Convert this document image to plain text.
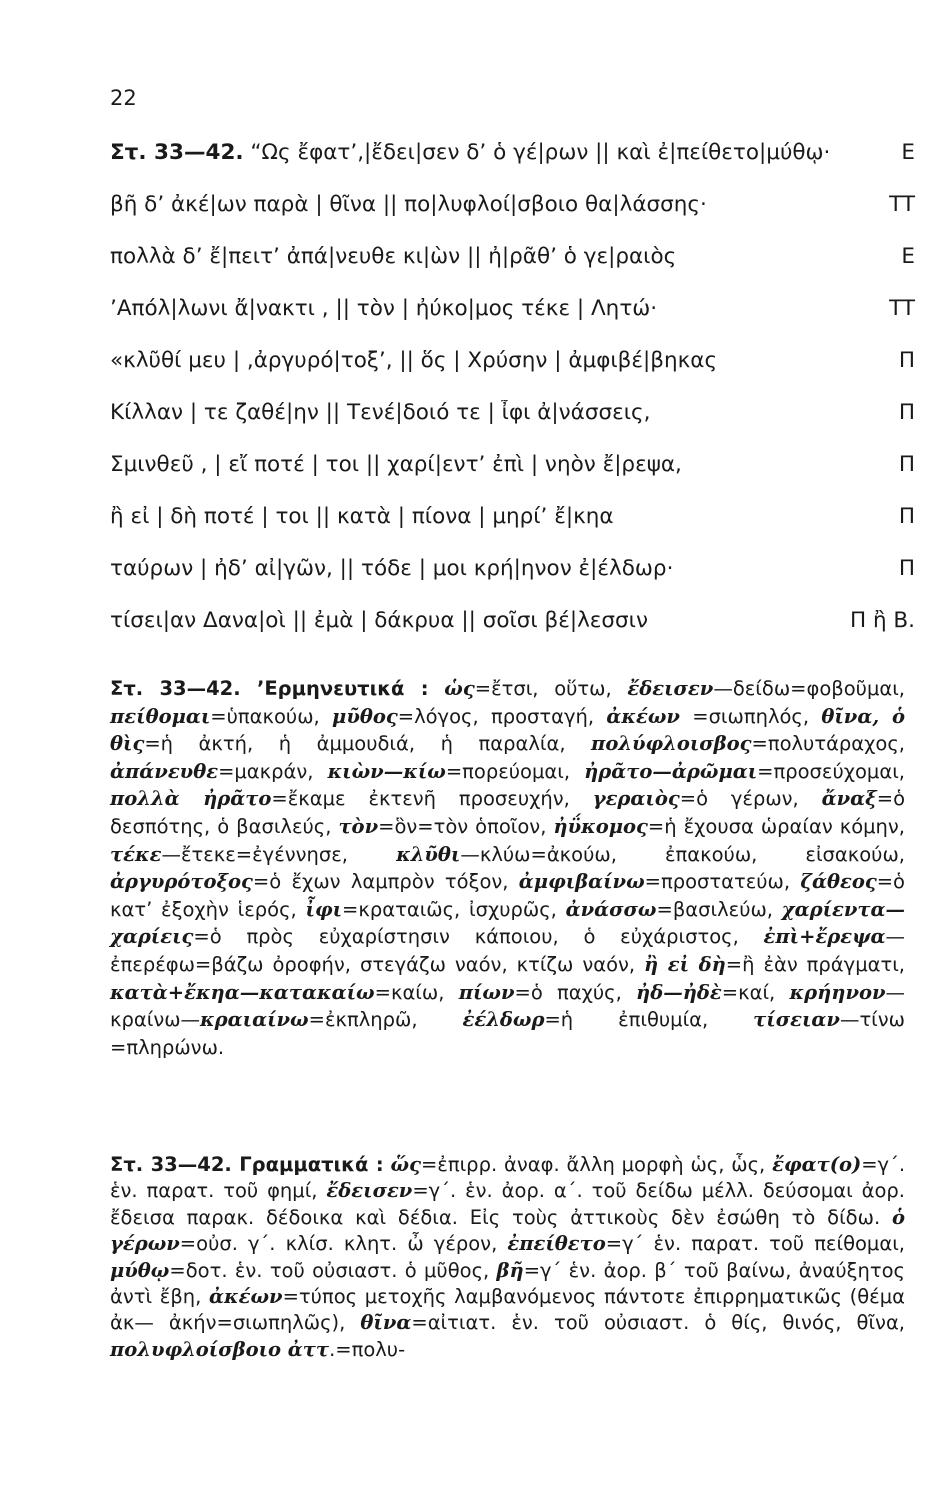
22
Στ. 33—42. “Ως ἔφατ’,|ἔδει|σεν δ’ ὁ γέ|ρων || καὶ ἐ|πείθετο|μύθῳ·	E
βῆ δ’ ἀκέ|ων παρὰ | θῖνα || πο|λυφλοί|σβοιο θα|λάσσης·	TT
πολλὰ δ’ ἔ|πειτ’ ἀπά|νευθε κι|ὼν || ἠ|ρᾶθ’ ὁ γε|ραιὸς	E
’Απόλ|λωνι ἄ|νακτι , || τὸν | ἠύκο|μος τέκε | Λητώ·	TT
«κλῦθί μευ | ,ἀργυρό|τοξ’, || ὅς | Χρύσην | ἀμφιβέ|βηκας	Π
Κίλλαν | τε ζαθέ|ην || Τενέ|δοιό τε | ἶφι ἀ|νάσσεις,	Π
Σμινθεῦ , | εἴ ποτέ | τοι || χαρί|εντ’ ἐπὶ | νηὸν ἔ|ρεψα,	Π
ἢ εἰ | δὴ ποτέ | τοι || κατὰ | πίονα | μηρί’ ἔ|κηα	Π
ταύρων | ἠδ’ αἰ|γῶν, || τόδε | μοι κρή|ηνον ἐ|έλδωρ·	Π
τίσει|αν Δανα|οὶ || ἐμὰ | δάκρυα || σοῖσι βέ|λεσσιν	Π ἢ Β.

Στ. 33—42. ’Ερμηνευτικά : ὡς=ἔτσι, οὕτω, ἔδεισεν—δείδω=φοβοῦμαι, πείθομαι=ὑπακούω, μῦθος=λόγος, προσταγή, ἀκέων =σιωπηλός, θῖνα, ὁ θὶς=ἡ ἀκτή, ἡ ἀμμουδιά, ἡ παραλία, πολύφλοισβος=πολυτάραχος, ἀπάνευθε=μακράν, κιὼν—κίω=πορεύομαι, ἠρᾶτο—ἀρῶμαι=προσεύχομαι, πολλὰ ἠρᾶτο=ἔκαμε ἐκτενῆ προσευχήν, γεραιὸς=ὁ γέρων, ἄναξ=ὁ δεσπότης, ὁ βασιλεύς, τὸν=ὃν=τὸν ὁποῖον, ἠΰκομος=ἡ ἔχουσα ὡραίαν κόμην, τέκε—ἔτεκε=ἐγέννησε, κλῦθι—κλύω=ἀκούω, ἐπακούω, εἰσακούω, ἀργυρότοξος=ὁ ἔχων λαμπρὸν τόξον, ἀμφιβαίνω=προστατεύω, ζάθεος=ὁ κατ’ ἐξοχὴν ἱερός, ἶφι=κραταιῶς, ἰσχυρῶς, ἀνάσσω=βασιλεύω, χαρίεντα—χαρίεις=ὁ πρὸς εὐχαρίστησιν κάποιου, ὁ εὐχάριστος, ἐπὶ+ἔρεψα—ἐπερέφω=βάζω ὀροφήν, στεγάζω ναόν, κτίζω ναόν, ἢ εἰ δὴ=ἢ ἐὰν πράγματι, κατὰ+ἔκηα—κατακαίω=καίω, πίων=ὁ παχύς, ἠδ—ἠδὲ=καί, κρήηνον—κραίνω—κραιαίνω=ἐκπληρῶ, ἐέλδωρ=ἡ ἐπιθυμία, τίσειαν—τίνω =πληρώνω.

Στ. 33—42. Γραμματικά : ὥς=ἐπιρρ. ἀναφ. ἄλλη μορφὴ ὡς, ὧς, ἔφατ(ο)=γ΄. ἑν. παρατ. τοῦ φημί, ἔδεισεν=γ΄. ἑν. ἀορ. α΄. τοῦ δείδω μέλλ. δεύσομαι ἀορ. ἔδεισα παρακ. δέδοικα καὶ δέδια. Εἰς τοὺς ἀττικοὺς δὲν ἐσώθη τὸ δίδω. ὁ γέρων=οὐσ. γ΄. κλίσ. κλητ. ὦ γέρον, ἐπείθετο=γ΄ ἑν. παρατ. τοῦ πείθομαι, μύθῳ=δοτ. ἑν. τοῦ οὐσιαστ. ὁ μῦθος, βῆ=γ΄ ἑν. ἀορ. β΄ τοῦ βαίνω, ἀναύξητος ἀντὶ ἔβη, ἀκέων=τύπος μετοχῆς λαμβανόμενος πάντοτε ἐπιρρηματικῶς (θέμα ἀκ— ἀκήν=σιωπηλῶς), θῖνα=αἰτιατ. ἑν. τοῦ οὐσιαστ. ὁ θίς, θινός, θῖνα, πολυφλοίσβοιο ἀττ.=πολυ-
